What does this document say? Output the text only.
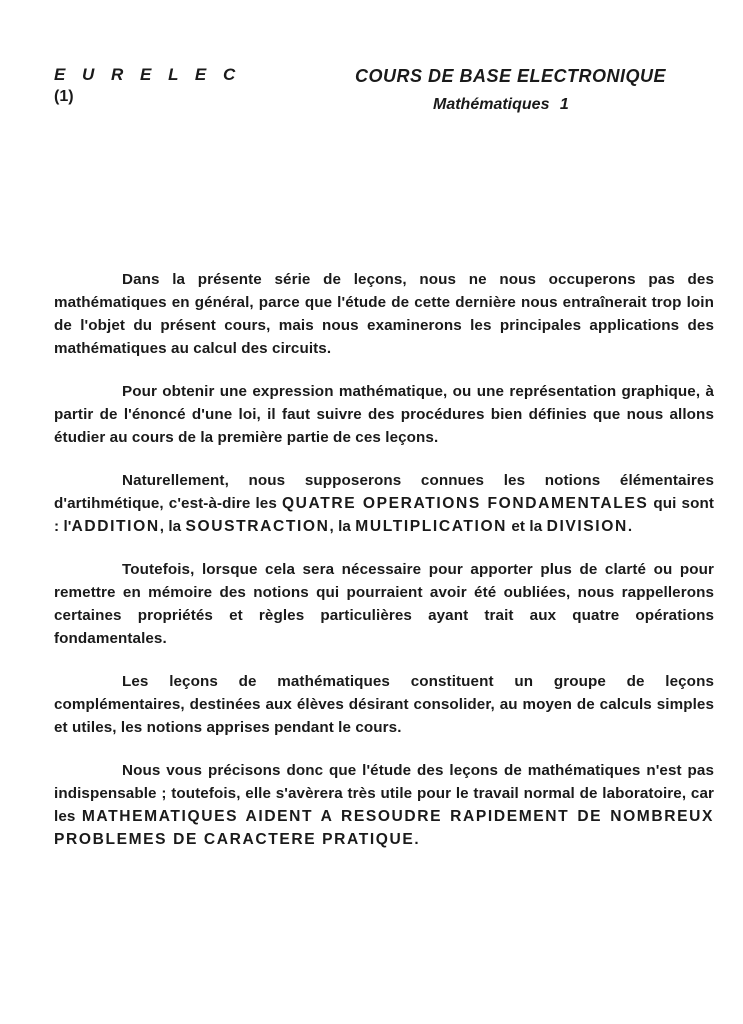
E U R E L E C
(1)
COURS DE BASE ELECTRONIQUE
Mathématiques 1

Dans la présente série de leçons, nous ne nous occuperons pas des mathématiques en général, parce que l'étude de cette dernière nous entraînerait trop loin de l'objet du présent cours, mais nous examinerons les principales applications des mathématiques au calcul des circuits.

Pour obtenir une expression mathématique, ou une représentation graphique, à partir de l'énoncé d'une loi, il faut suivre des procédures bien définies que nous allons étudier au cours de la première partie de ces leçons.

Naturellement, nous supposerons connues les notions élémentaires d'artihmétique, c'est-à-dire les QUATRE OPERATIONS FONDAMENTALES qui sont : l'ADDITION, la SOUSTRACTION, la MULTIPLICATION et la DIVISION.

Toutefois, lorsque cela sera nécessaire pour apporter plus de clarté ou pour remettre en mémoire des notions qui pourraient avoir été oubliées, nous rappellerons certaines propriétés et règles particulières ayant trait aux quatre opérations fondamentales.

Les leçons de mathématiques constituent un groupe de leçons complémentaires, destinées aux élèves désirant consolider, au moyen de calculs simples et utiles, les notions apprises pendant le cours.

Nous vous précisons donc que l'étude des leçons de mathématiques n'est pas indispensable ; toutefois, elle s'avèrera très utile pour le travail normal de laboratoire, car les MATHEMATIQUES AIDENT A RESOUDRE RAPIDEMENT DE NOMBREUX PROBLEMES DE CARACTERE PRATIQUE.
